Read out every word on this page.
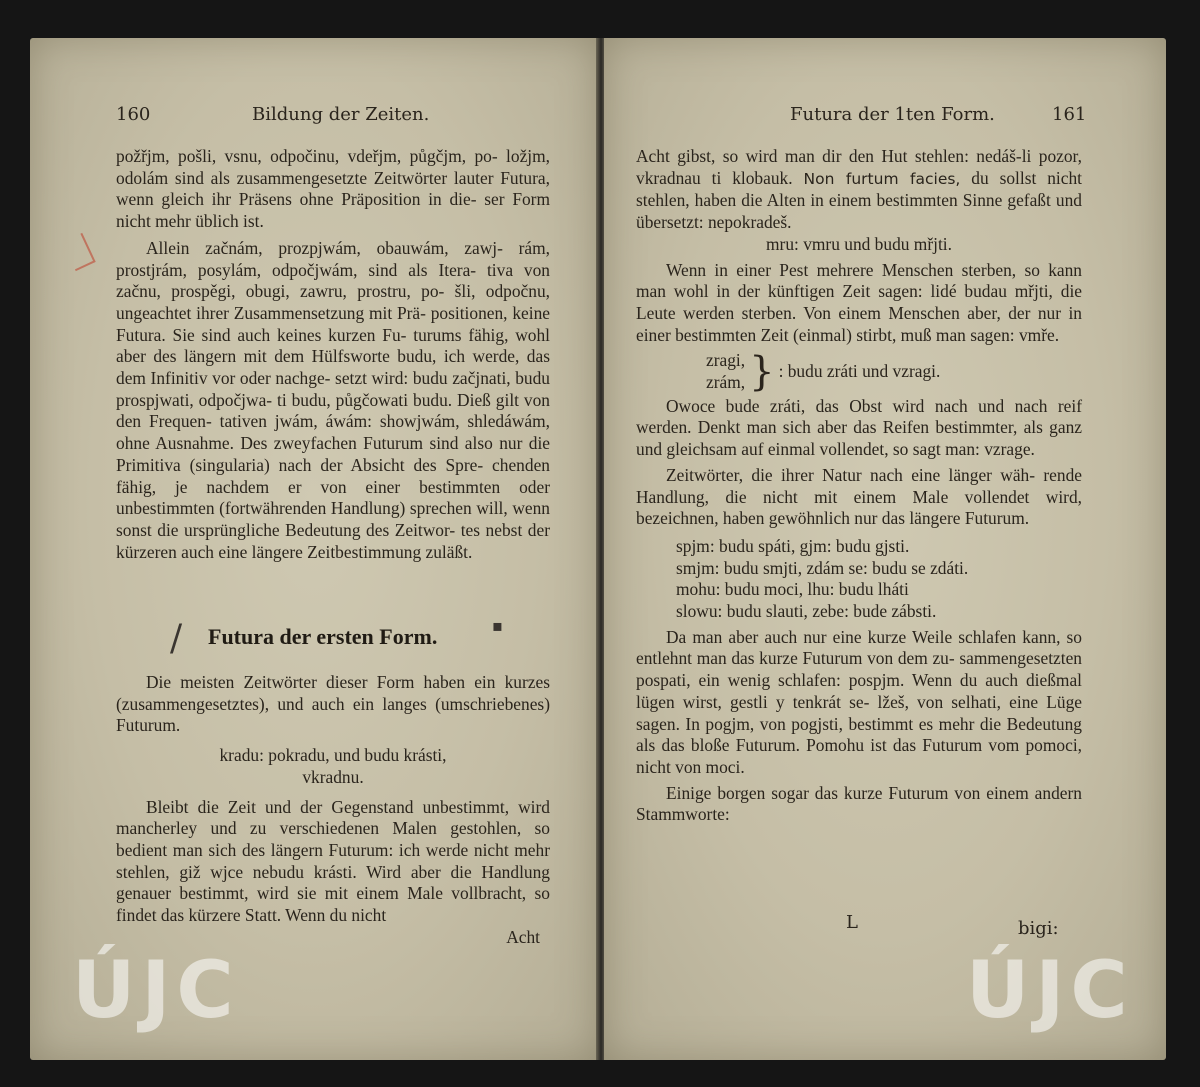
160	Bildung der Zeiten.
▪

požřjm, pošli, vsnu, odpočinu, vdeřjm, půgčjm, po- ložjm, odolám sind als zusammengesetzte Zeitwörter lauter Futura, wenn gleich ihr Präsens ohne Präposition in die- ser Form nicht mehr üblich ist.

Allein začnám, prozpjwám, obauwám, zawj- rám, prostjrám, posylám, odpočjwám, sind als Itera- tiva von začnu, prospěgi, obugi, zawru, prostru, po- šli, odpočnu, ungeachtet ihrer Zusammensetzung mit Prä- positionen, keine Futura. Sie sind auch keines kurzen Fu- turums fähig, wohl aber des längern mit dem Hülfsworte budu, ich werde, das dem Infinitiv vor oder nachge- setzt wird: budu začjnati, budu prospjwati, odpočjwa- ti budu, půgčowati budu. Dieß gilt von den Frequen- tativen jwám, áwám: showjwám, shledáwám, ohne Ausnahme. Des zweyfachen Futurum sind also nur die Primitiva (singularia) nach der Absicht des Spre- chenden fähig, je nachdem er von einer bestimmten oder unbestimmten (fortwährenden Handlung) sprechen will, wenn sonst die ursprüngliche Bedeutung des Zeitwor- tes nebst der kürzeren auch eine längere Zeitbestimmung zuläßt.

Futura der ersten Form.
/

Die meisten Zeitwörter dieser Form haben ein kurzes (zusammengesetztes), und auch ein langes (umschriebenes) Futurum.

kradu: pokradu, und budu krásti,

vkradnu.

Bleibt die Zeit und der Gegenstand unbestimmt, wird mancherley und zu verschiedenen Malen gestohlen, so bedient man sich des längern Futurum: ich werde nicht mehr stehlen, giž wjce nebudu krásti. Wird aber die Handlung genauer bestimmt, wird sie mit einem Male vollbracht, so findet das kürzere Statt. Wenn du nicht

Acht

ÚJC
Futura der 1ten Form.	161

Acht gibst, so wird man dir den Hut stehlen: nedáš-li pozor, vkradnau ti klobauk. Non furtum facies, du sollst nicht stehlen, haben die Alten in einem bestimmten Sinne gefaßt und übersetzt: nepokradeš.

mru: vmru und budu mřjti.

Wenn in einer Pest mehrere Menschen sterben, so kann man wohl in der künftigen Zeit sagen: lidé budau mřjti, die Leute werden sterben. Von einem Menschen aber, der nur in einer bestimmten Zeit (einmal) stirbt, muß man sagen: vmře.

zragi,
zrám, } : budu zráti und vzragi.

Owoce bude zráti, das Obst wird nach und nach reif werden. Denkt man sich aber das Reifen bestimmter, als ganz und gleichsam auf einmal vollendet, so sagt man: vzrage.

Zeitwörter, die ihrer Natur nach eine länger wäh- rende Handlung, die nicht mit einem Male vollendet wird, bezeichnen, haben gewöhnlich nur das längere Futurum.

spjm: budu spáti, gjm: budu gjsti.

smjm: budu smjti, zdám se: budu se zdáti.

mohu: budu moci, lhu: budu lháti

slowu: budu slauti, zebe: bude zábsti.

Da man aber auch nur eine kurze Weile schlafen kann, so entlehnt man das kurze Futurum von dem zu- sammengesetzten pospati, ein wenig schlafen: pospjm. Wenn du auch dießmal lügen wirst, gestli y tenkrát se- lžeš, von selhati, eine Lüge sagen. In pogjm, von pogjsti, bestimmt es mehr die Bedeutung als das bloße Futurum. Pomohu ist das Futurum vom pomoci, nicht von moci.

Einige borgen sogar das kurze Futurum von einem andern Stammworte:

L	bigi:
ÚJC
